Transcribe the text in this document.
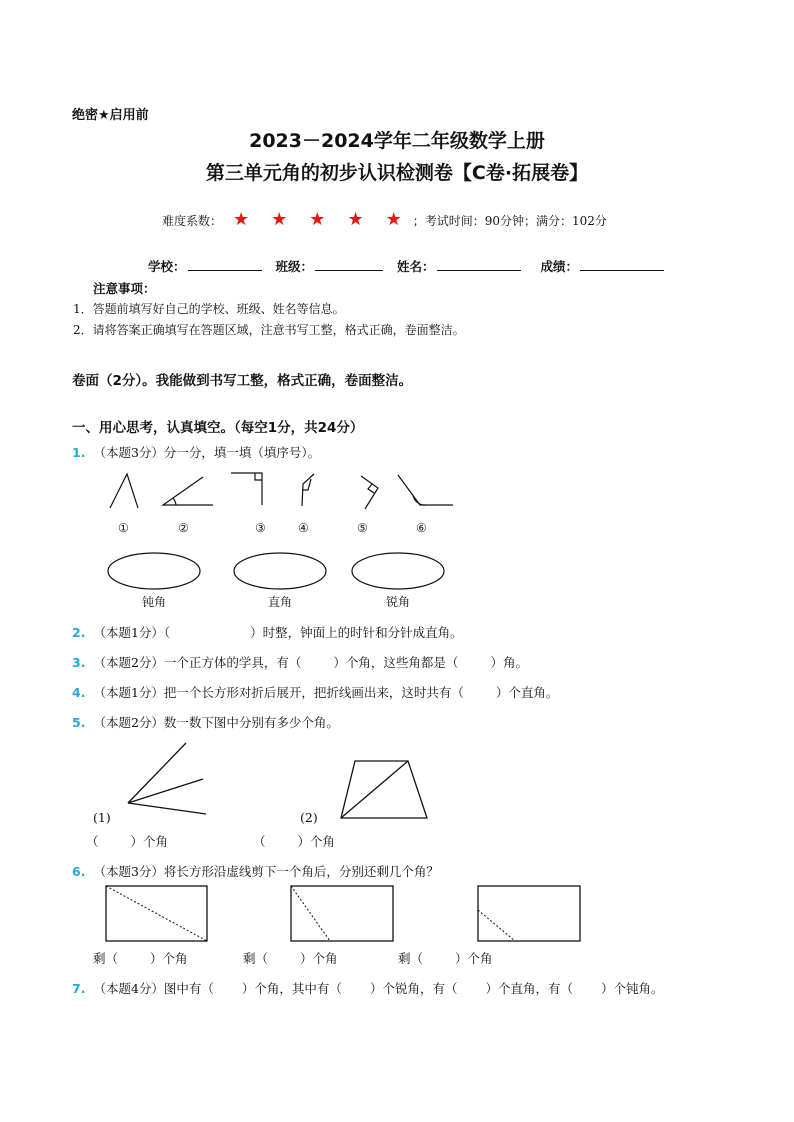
绝密★启用前
2023－2024学年二年级数学上册
第三单元角的初步认识检测卷【C卷·拓展卷】
难度系数： ★ ★ ★ ★ ★ ；考试时间：90分钟；满分：102分
学校：	班级：	姓名：	成绩：
注意事项：
1．答题前填写好自己的学校、班级、姓名等信息。
2．请将答案正确填写在答题区域，注意书写工整，格式正确，卷面整洁。
卷面（2分）。我能做到书写工整，格式正确，卷面整洁。
一、用心思考，认真填空。（每空1分，共24分）
1. （本题3分）分一分，填一填（填序号）。
①	②	③	④	⑤	⑥
钝角	直角	锐角
2. （本题1分）（	）时整，钟面上的时针和分针成直角。
3. （本题2分）一个正方体的学具，有（	）个角，这些角都是（	）角。
4. （本题1分）把一个长方形对折后展开，把折线画出来，这时共有（	）个直角。
5. （本题2分）数一数下图中分别有多少个角。
(1)	(2)
（	）个角	（	）个角
6. （本题3分）将长方形沿虚线剪下一个角后，分别还剩几个角？
剩（	）个角	剩（	）个角	剩（	）个角
7. （本题4分）图中有（ ）个角，其中有（ ）个锐角，有（ ）个直角，有（ ）个钝角。
